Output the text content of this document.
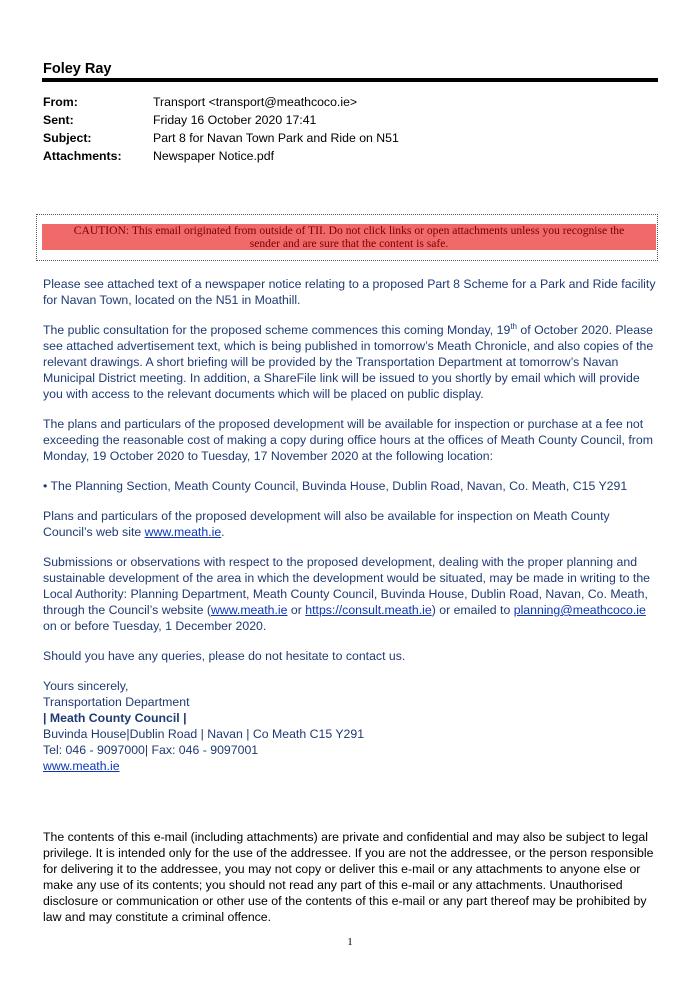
Foley Ray
From:	Transport <transport@meathcoco.ie>
Sent:	Friday 16 October 2020 17:41
Subject:	Part 8 for Navan Town Park and Ride on N51
Attachments:	Newspaper Notice.pdf
CAUTION: This email originated from outside of TII. Do not click links or open attachments unless you recognise the
sender and are sure that the content is safe.

Please see attached text of a newspaper notice relating to a proposed Part 8 Scheme for a Park and Ride facility for Navan Town, located on the N51 in Moathill.

The public consultation for the proposed scheme commences this coming Monday, 19th of October 2020. Please see attached advertisement text, which is being published in tomorrow’s Meath Chronicle, and also copies of the relevant drawings. A short briefing will be provided by the Transportation Department at tomorrow’s Navan Municipal District meeting. In addition, a ShareFile link will be issued to you shortly by email which will provide you with access to the relevant documents which will be placed on public display.

The plans and particulars of the proposed development will be available for inspection or purchase at a fee not exceeding the reasonable cost of making a copy during office hours at the offices of Meath County Council, from Monday, 19 October 2020 to Tuesday, 17 November 2020 at the following location:

• The Planning Section, Meath County Council, Buvinda House, Dublin Road, Navan, Co. Meath, C15 Y291

Plans and particulars of the proposed development will also be available for inspection on Meath County Council’s web site www.meath.ie.

Submissions or observations with respect to the proposed development, dealing with the proper planning and sustainable development of the area in which the development would be situated, may be made in writing to the Local Authority: Planning Department, Meath County Council, Buvinda House, Dublin Road, Navan, Co. Meath, through the Council’s website (www.meath.ie or https://consult.meath.ie) or emailed to planning@meathcoco.ie on or before Tuesday, 1 December 2020.

Should you have any queries, please do not hesitate to contact us.

Yours sincerely,
Transportation Department
| Meath County Council |
Buvinda House|Dublin Road | Navan | Co Meath C15 Y291
Tel: 046 - 9097000| Fax: 046 - 9097001
www.meath.ie
The contents of this e-mail (including attachments) are private and confidential and may also be subject to legal privilege. It is intended only for the use of the addressee. If you are not the addressee, or the person responsible for delivering it to the addressee, you may not copy or deliver this e-mail or any attachments to anyone else or make any use of its contents; you should not read any part of this e-mail or any attachments. Unauthorised disclosure or communication or other use of the contents of this e-mail or any part thereof may be prohibited by law and may constitute a criminal offence.
1
